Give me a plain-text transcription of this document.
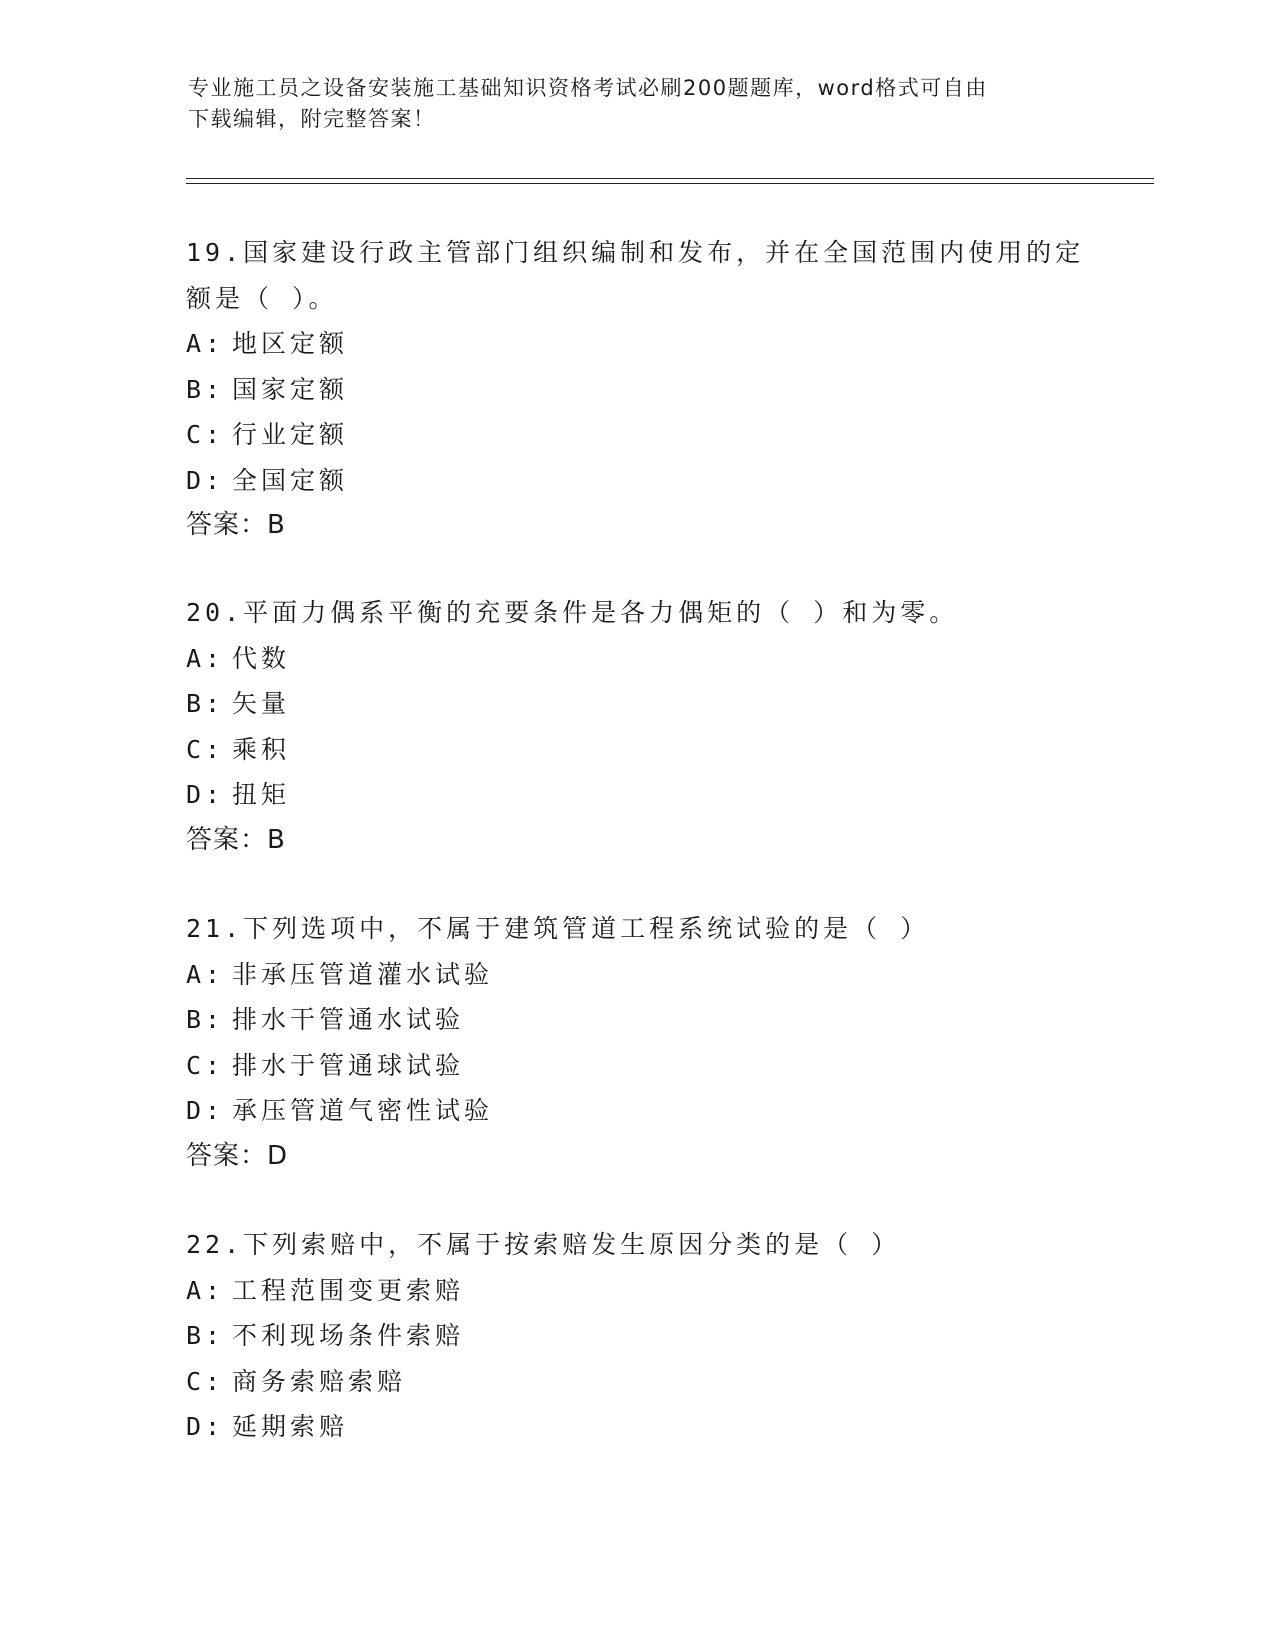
专业施工员之设备安装施工基础知识资格考试必刷200题题库，word格式可自由
下载编辑，附完整答案！
19.国家建设行政主管部门组织编制和发布，并在全国范围内使用的定
额是（ ）。
A: 地区定额
B: 国家定额
C: 行业定额
D: 全国定额
答案：B
20.平面力偶系平衡的充要条件是各力偶矩的（ ）和为零。
A: 代数
B: 矢量
C: 乘积
D: 扭矩
答案：B
21.下列选项中，不属于建筑管道工程系统试验的是（ ）
A: 非承压管道灌水试验
B: 排水干管通水试验
C: 排水于管通球试验
D: 承压管道气密性试验
答案：D
22.下列索赔中，不属于按索赔发生原因分类的是（ ）
A: 工程范围变更索赔
B: 不利现场条件索赔
C: 商务索赔索赔
D: 延期索赔
